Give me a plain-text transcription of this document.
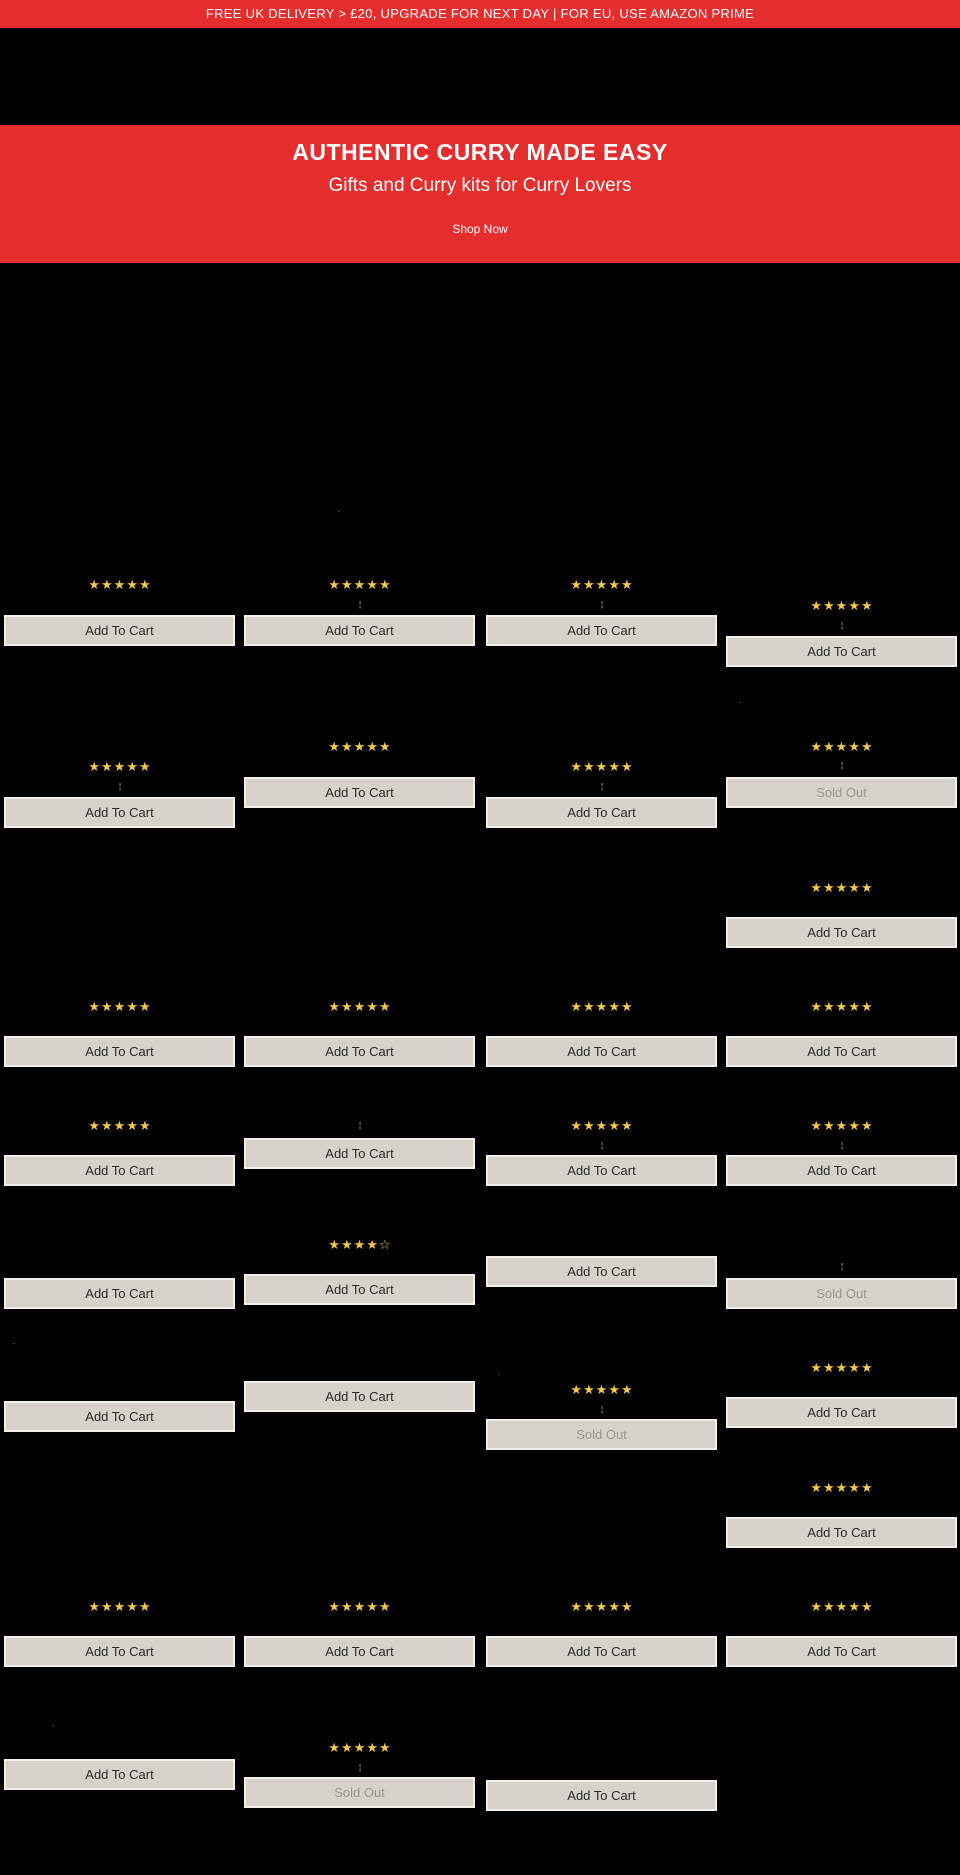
FREE UK DELIVERY > £20, UPGRADE FOR NEXT DAY | FOR EU, USE AMAZON PRIME
AUTHENTIC CURRY MADE EASY
Gifts and Curry kits for Curry Lovers
Shop Now
.
.
.
.
.
★★★★★
Add To Cart
★★★★★
¦
Add To Cart
★★★★★
¦
Add To Cart
★★★★★
¦
Add To Cart
★★★★★
¦
Add To Cart
★★★★★
Add To Cart
★★★★★
¦
Add To Cart
★★★★★
¦
Sold Out
★★★★★
Add To Cart
★★★★★
Add To Cart
★★★★★
Add To Cart
★★★★★
Add To Cart
★★★★★
Add To Cart
★★★★★
Add To Cart
¦
Add To Cart
★★★★★
¦
Add To Cart
★★★★★
¦
Add To Cart
Add To Cart
★★★★☆
Add To Cart
Add To Cart	¦
Sold Out
Add To Cart
Add To Cart	★★★★★
¦
Sold Out
★★★★★
Add To Cart
★★★★★
Add To Cart
★★★★★
Add To Cart
★★★★★
Add To Cart
★★★★★
Add To Cart
★★★★★
Add To Cart
Add To Cart
★★★★★
¦
Sold Out	Add To Cart
